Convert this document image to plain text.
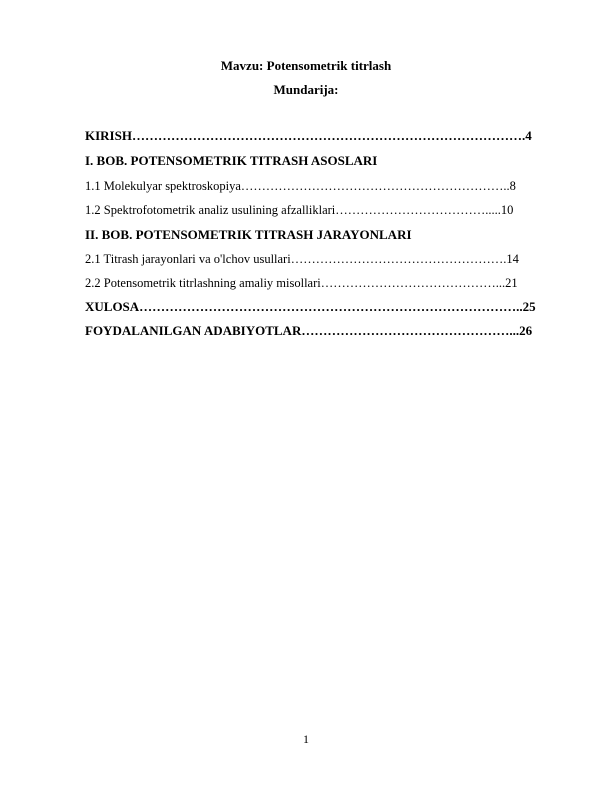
Mavzu: Potensometrik titrlash
Mundarija:
KIRISH……………………………………………………………………………….4
I. BOB. POTENSOMETRIK TITRASH ASOSLARI
1.1 Molekulyar spektroskopiya………………………………………………………..8
1.2 Spektrofotometrik analiz usulining afzalliklari……………………………….....10
II. BOB. POTENSOMETRIK TITRASH JARAYONLARI
2.1 Titrash jarayonlari va o'lchov usullari…………………………………………….14
2.2 Potensometrik titrlashning amaliy misollari……………………………………...21
XULOSA……………………………………………………………………………..25
FOYDALANILGAN ADABIYOTLAR…………………………………………...26
1
